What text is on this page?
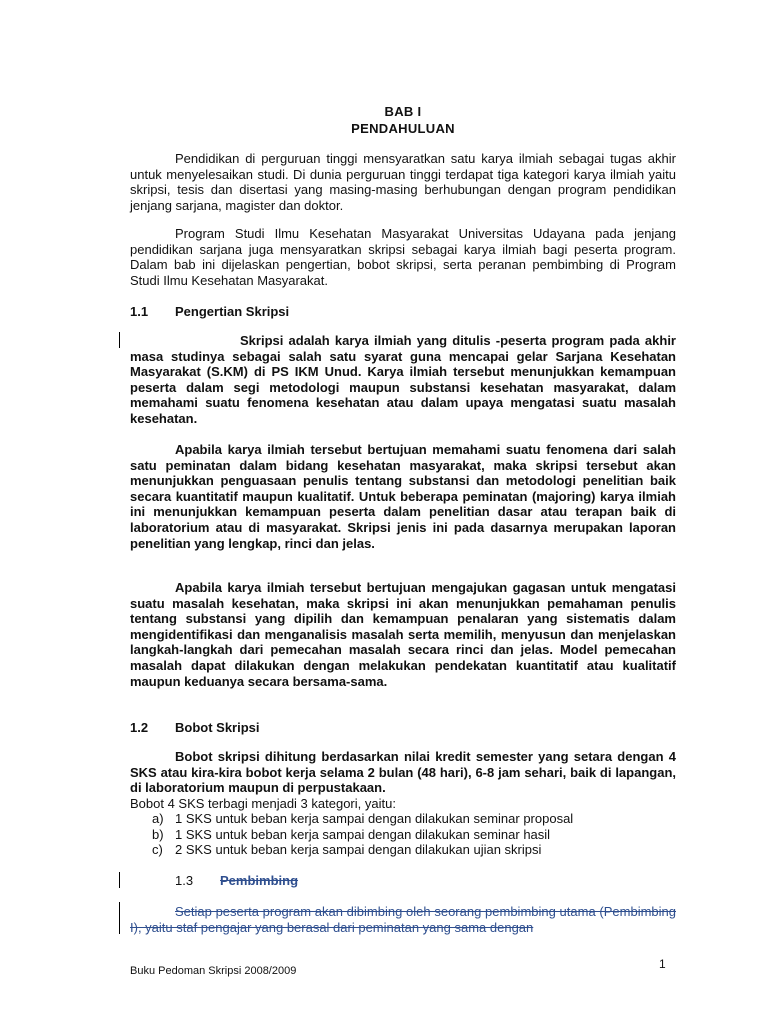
BAB I
PENDAHULUAN

Pendidikan di perguruan tinggi mensyaratkan satu karya ilmiah sebagai tugas akhir untuk menyelesaikan studi. Di dunia perguruan tinggi terdapat tiga kategori karya ilmiah yaitu skripsi, tesis dan disertasi yang masing-masing berhubungan dengan program pendidikan jenjang sarjana, magister dan doktor.

Program Studi Ilmu Kesehatan Masyarakat Universitas Udayana pada jenjang pendidikan sarjana juga mensyaratkan skripsi sebagai karya ilmiah bagi peserta program. Dalam bab ini dijelaskan pengertian, bobot skripsi, serta peranan pembimbing di Program Studi Ilmu Kesehatan Masyarakat.

1.1 Pengertian Skripsi

Skripsi adalah karya ilmiah yang ditulis -peserta program pada akhir masa studinya sebagai salah satu syarat guna mencapai gelar Sarjana Kesehatan Masyarakat (S.KM) di PS IKM Unud. Karya ilmiah tersebut menunjukkan kemampuan peserta dalam segi metodologi maupun substansi kesehatan masyarakat, dalam memahami suatu fenomena kesehatan atau dalam upaya mengatasi suatu masalah kesehatan.

Apabila karya ilmiah tersebut bertujuan memahami suatu fenomena dari salah satu peminatan dalam bidang kesehatan masyarakat, maka skripsi tersebut akan menunjukkan penguasaan penulis tentang substansi dan metodologi penelitian baik secara kuantitatif maupun kualitatif. Untuk beberapa peminatan (majoring) karya ilmiah ini menunjukkan kemampuan peserta dalam penelitian dasar atau terapan baik di laboratorium atau di masyarakat. Skripsi jenis ini pada dasarnya merupakan laporan penelitian yang lengkap, rinci dan jelas.

Apabila karya ilmiah tersebut bertujuan mengajukan gagasan untuk mengatasi suatu masalah kesehatan, maka skripsi ini akan menunjukkan pemahaman penulis tentang substansi yang dipilih dan kemampuan penalaran yang sistematis dalam mengidentifikasi dan menganalisis masalah serta memilih, menyusun dan menjelaskan langkah-langkah dari pemecahan masalah secara rinci dan jelas. Model pemecahan masalah dapat dilakukan dengan melakukan pendekatan kuantitatif atau kualitatif maupun keduanya secara bersama-sama.

1.2 Bobot Skripsi

Bobot skripsi dihitung berdasarkan nilai kredit semester yang setara dengan 4 SKS atau kira-kira bobot kerja selama 2 bulan (48 hari), 6-8 jam sehari, baik di lapangan, di laboratorium maupun di perpustakaan.

Bobot 4 SKS terbagi menjadi 3 kategori, yaitu:

a) 1 SKS untuk beban kerja sampai dengan dilakukan seminar proposal
b) 1 SKS untuk beban kerja sampai dengan dilakukan seminar hasil
c) 2 SKS untuk beban kerja sampai dengan dilakukan ujian skripsi
1.3 Pembimbing

Setiap peserta program akan dibimbing oleh seorang pembimbing utama (Pembimbing I), yaitu staf pengajar yang berasal dari peminatan yang sama dengan

1
Buku Pedoman Skripsi 2008/2009
